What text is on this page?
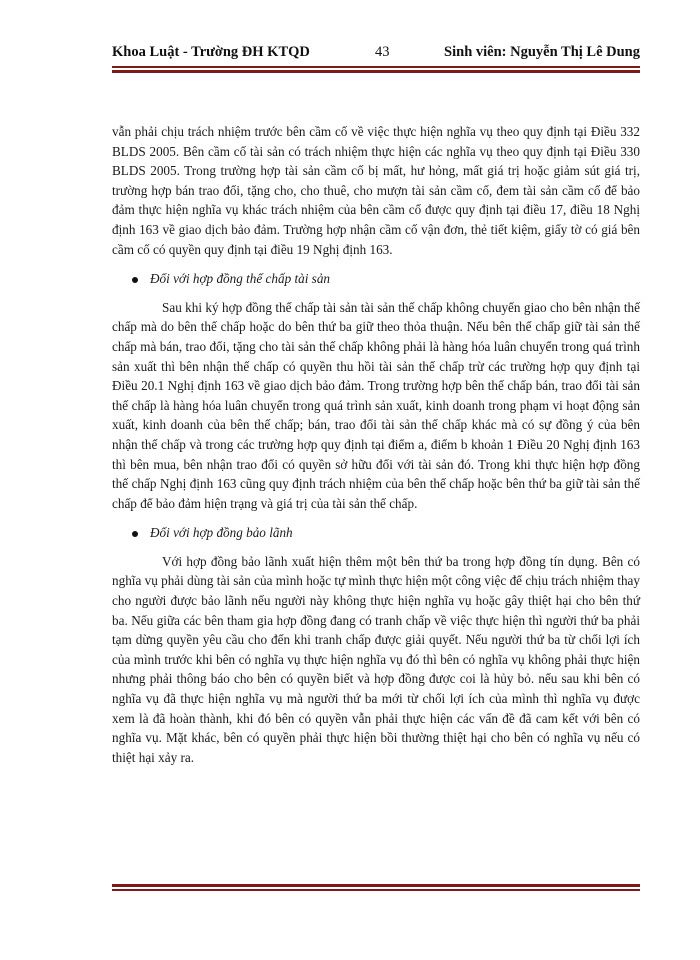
Khoa Luật - Trường ĐH KTQD	43	Sinh viên: Nguyễn Thị Lê Dung

vẫn phải chịu trách nhiệm trước bên cầm cố về việc thực hiện nghĩa vụ theo quy định tại Điều 332 BLDS 2005. Bên cầm cố tài sản có trách nhiệm thực hiện các nghĩa vụ theo quy định tại Điều 330 BLDS 2005. Trong trường hợp tài sản cầm cố bị mất, hư hỏng, mất giá trị hoặc giảm sút giá trị, trường hợp bán trao đổi, tặng cho, cho thuê, cho mượn tài sản cầm cố, đem tài sản cầm cố để bảo đảm thực hiện nghĩa vụ khác trách nhiệm của bên cầm cố được quy định tại điều 17, điều 18 Nghị định 163 về giao dịch bảo đảm. Trường hợp nhận cầm cố vận đơn, thẻ tiết kiệm, giấy tờ có giá bên cầm cố có quyền quy định tại điều 19 Nghị định 163.

Đối với hợp đồng thế chấp tài sản

Sau khi ký hợp đồng thế chấp tài sản tài sản thế chấp không chuyển giao cho bên nhận thế chấp mà do bên thế chấp hoặc do bên thứ ba giữ theo thỏa thuận. Nếu bên thế chấp giữ tài sản thế chấp mà bán, trao đổi, tặng cho tài sản thế chấp không phải là hàng hóa luân chuyển trong quá trình sản xuất thì bên nhận thế chấp có quyền thu hồi tài sản thế chấp trừ các trường hợp quy định tại Điều 20.1 Nghị định 163 về giao dịch bảo đảm. Trong trường hợp bên thế chấp bán, trao đổi tài sản thế chấp là hàng hóa luân chuyển trong quá trình sản xuất, kinh doanh trong phạm vi hoạt động sản xuất, kinh doanh của bên thế chấp; bán, trao đổi tài sản thế chấp khác mà có sự đồng ý của bên nhận thế chấp và trong các trường hợp quy định tại điểm a, điểm b khoản 1 Điều 20 Nghị định 163 thì bên mua, bên nhận trao đổi có quyền sở hữu đối với tài sản đó. Trong khi thực hiện hợp đồng thế chấp Nghị định 163 cũng quy định trách nhiệm của bên thế chấp hoặc bên thứ ba giữ tài sản thế chấp để bảo đảm hiện trạng và giá trị của tài sản thế chấp.

Đối với hợp đồng bảo lãnh

Với hợp đồng bảo lãnh xuất hiện thêm một bên thứ ba trong hợp đồng tín dụng. Bên có nghĩa vụ phải dùng tài sản của mình hoặc tự mình thực hiện một công việc để chịu trách nhiệm thay cho người được bảo lãnh nếu người này không thực hiện nghĩa vụ hoặc gây thiệt hại cho bên thứ ba. Nếu giữa các bên tham gia hợp đồng đang có tranh chấp về việc thực hiện thì người thứ ba phải tạm dừng quyền yêu cầu cho đến khi tranh chấp được giải quyết. Nếu người thứ ba từ chối lợi ích của mình trước khi bên có nghĩa vụ thực hiện nghĩa vụ đó thì bên có nghĩa vụ không phải thực hiện nhưng phải thông báo cho bên có quyền biết và hợp đồng được coi là hủy bỏ. nếu sau khi bên có nghĩa vụ đã thực hiện nghĩa vụ mà người thứ ba mới từ chối lợi ích của mình thì nghĩa vụ được xem là đã hoàn thành, khi đó bên có quyền vẫn phải thực hiện các vấn đề đã cam kết với bên có nghĩa vụ. Mặt khác, bên có quyền phải thực hiện bồi thường thiệt hại cho bên có nghĩa vụ nếu có thiệt hại xảy ra.
